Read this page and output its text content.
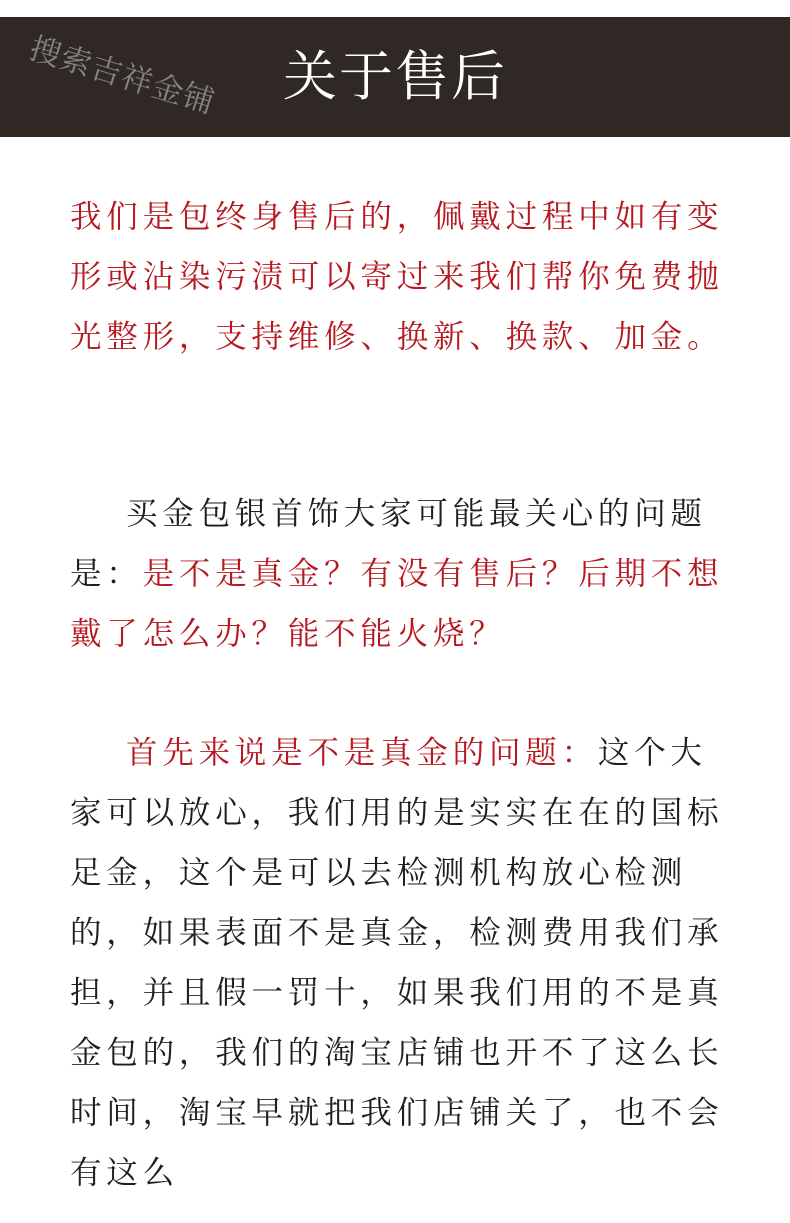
搜索吉祥金铺	关于售后

我们是包终身售后的，佩戴过程中如有变形或沾染污渍可以寄过来我们帮你免费抛光整形，支持维修、换新、换款、加金。

买金包银首饰大家可能最关心的问题是：是不是真金？有没有售后？后期不想戴了怎么办？能不能火烧？

首先来说是不是真金的问题：这个大家可以放心，我们用的是实实在在的国标足金，这个是可以去检测机构放心检测的，如果表面不是真金，检测费用我们承担，并且假一罚十，如果我们用的不是真金包的，我们的淘宝店铺也开不了这么长时间，淘宝早就把我们店铺关了，也不会有这么
